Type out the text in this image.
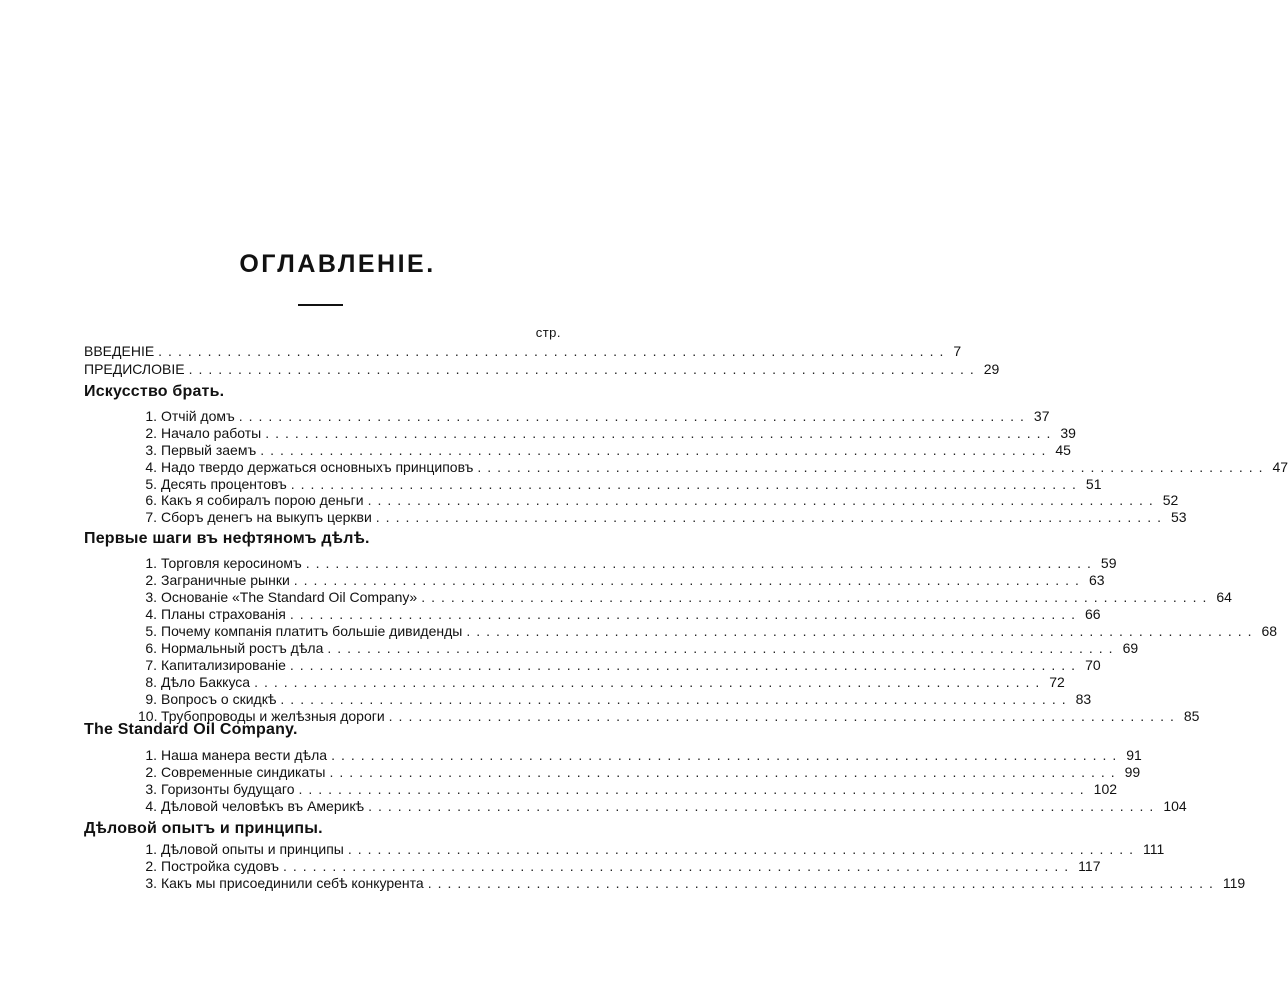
ОГЛАВЛЕНІЕ.
стр.
ВВЕДЕНІЕ ................................................................................ 7
ПРЕДИСЛОВІЕ ................................................................................ 29
Искусство брать.
1. Отчій домъ ................................................................................ 37
2. Начало работы ................................................................................ 39
3. Первый заемъ ................................................................................ 45
4. Надо твердо держаться основныхъ принциповъ ................................................................................ 47
5. Десять процентовъ ................................................................................ 51
6. Какъ я собиралъ порою деньги ................................................................................ 52
7. Сборъ денегъ на выкупъ церкви ................................................................................ 53
Первые шаги въ нефтяномъ дѣлѣ.
1. Торговля керосиномъ ................................................................................ 59
2. Заграничные рынки ................................................................................ 63
3. Основаніе «The Standard Oil Company» ................................................................................ 64
4. Планы страхованія ................................................................................ 66
5. Почему компанія платитъ большіе дивиденды ................................................................................ 68
6. Нормальный ростъ дѣла ................................................................................ 69
7. Капитализированіе ................................................................................ 70
8. Дѣло Баккуса ................................................................................ 72
9. Вопросъ о скидкѣ ................................................................................ 83
10. Трубопроводы и желѣзныя дороги ................................................................................ 85
The Standard Oil Company.
1. Наша манера вести дѣла ................................................................................ 91
2. Современные синдикаты ................................................................................ 99
3. Горизонты будущаго ................................................................................ 102
4. Дѣловой человѣкъ въ Америкѣ ................................................................................ 104
Дѣловой опытъ и принципы.
1. Дѣловой опыты и принципы ................................................................................ 111
2. Постройка судовъ ................................................................................ 117
3. Какъ мы присоединили себѣ конкурента ................................................................................ 119
